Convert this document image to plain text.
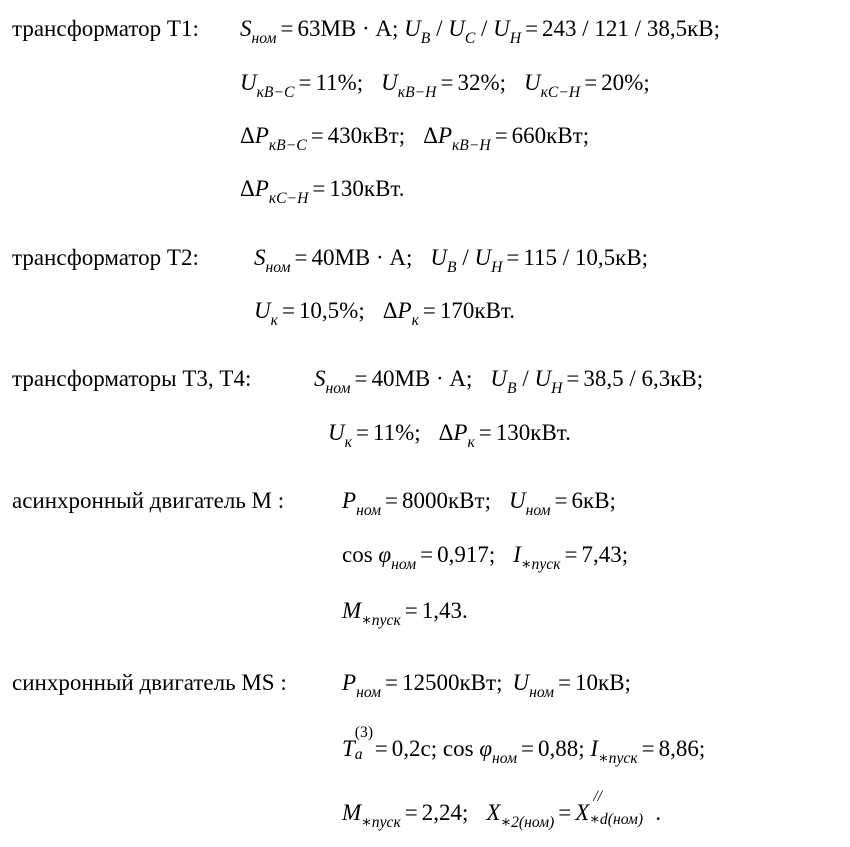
трансформатор Т1: $S_{ном} = 63МВ \cdot А$; $U_В / U_С / U_Н = 243 / 121 / 38,5кВ$;
$U_{кВ-С} = 11\%$; $U_{кВ-Н} = 32\%$; $U_{кС-Н} = 20\%$;
$\Delta P_{кВ-С} = 430кВт$; $\Delta P_{кВ-Н} = 660кВт$;
$\Delta P_{кС-Н} = 130кВт$.
трансформатор Т2: $S_{ном} = 40МВ \cdot А$; $U_В / U_Н = 115 / 10,5кВ$;
$U_к = 10,5\%$; $\Delta P_к = 170кВт$.
трансформаторы Т3, Т4:	$S_{ном} = 40МВ \cdot А$; $U_В / U_Н = 38,5 / 6,3кВ$;
$U_к = 11\%$; $\Delta P_к = 130кВт$.
асинхронный двигатель М :	$P_{ном} = 8000кВт$; $U_{ном} = 6кВ$;
$\cos \varphi_{ном} = 0,917$; $I_{∗пуск} = 7,43$;
$M_{∗пуск} = 1,43$.
синхронный двигатель MS : $P_{ном} = 12500кВт$; $U_{ном} = 10кВ$;
T
(3)
a = 0,2с; $\cos \varphi_{ном} = 0,88$; $I_{∗пуск} = 8,86$;
$M_{∗пуск} = 2,24$; $X_{∗2(ном)} = X$
//
∗d(ном) .
